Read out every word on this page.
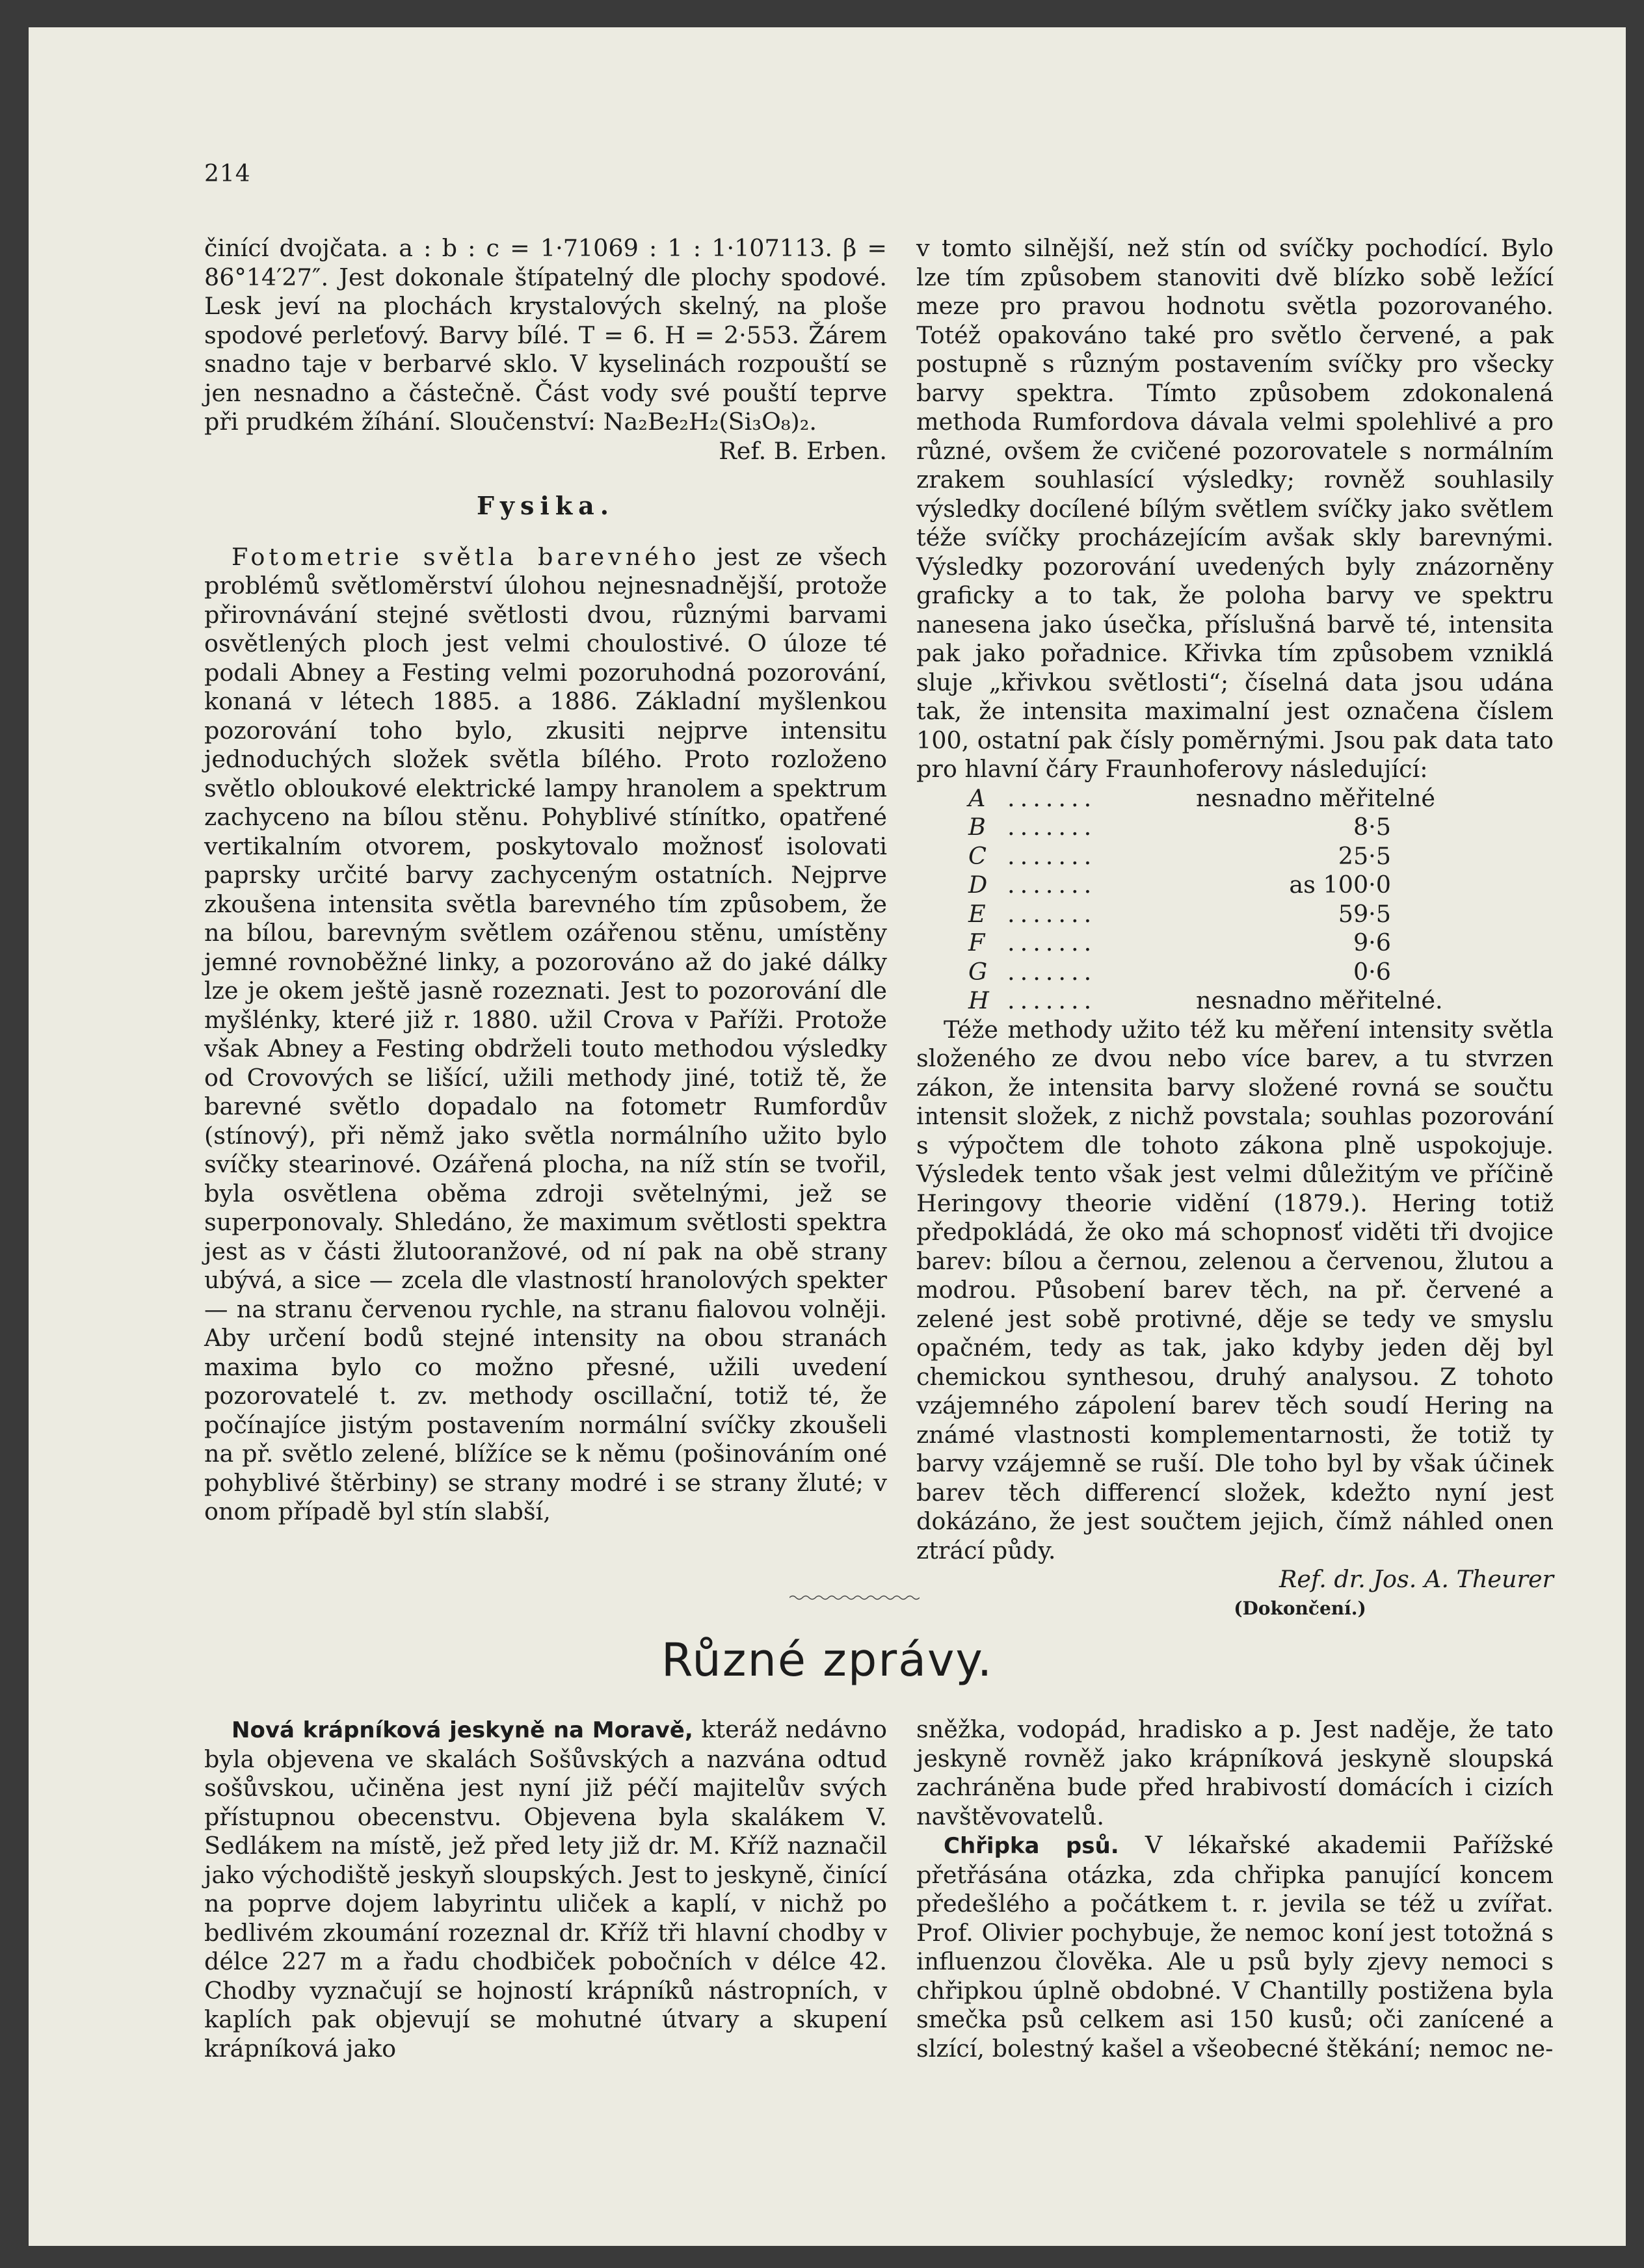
214

činící dvojčata. a : b : c = 1·71069 : 1 : 1·107113. β = 86°14′27″. Jest dokonale štípatelný dle plochy spodové. Lesk jeví na plochách krystalových skelný, na ploše spodové perleťový. Barvy bílé. T = 6. H = 2·553. Žárem snadno taje v berbarvé sklo. V kyselinách rozpouští se jen nesnadno a částečně. Část vody své pouští teprve při prudkém žíhání. Sloučenství: Na₂Be₂H₂(Si₃O₈)₂.

Ref. B. Erben.

Fysika.

Fotometrie světla barevného jest ze všech problémů světloměrství úlohou nejnesnadnější, protože přirovnávání stejné světlosti dvou, různými barvami osvětlených ploch jest velmi choulostivé. O úloze té podali Abney a Festing velmi pozoruhodná pozorování, konaná v létech 1885. a 1886. Základní myšlenkou pozorování toho bylo, zkusiti nejprve intensitu jednoduchých složek světla bílého. Proto rozloženo světlo obloukové elektrické lampy hranolem a spektrum zachyceno na bílou stěnu. Pohyblivé stínítko, opatřené vertikalním otvorem, poskytovalo možnosť isolovati paprsky určité barvy zachyceným ostatních. Nejprve zkoušena intensita světla barevného tím způsobem, že na bílou, barevným světlem ozářenou stěnu, umístěny jemné rovnoběžné linky, a pozorováno až do jaké dálky lze je okem ještě jasně rozeznati. Jest to pozorování dle myšlénky, které již r. 1880. užil Crova v Paříži. Protože však Abney a Festing obdrželi touto methodou výsledky od Crovových se lišící, užili methody jiné, totiž tě, že barevné světlo dopadalo na fotometr Rumfordův (stínový), při němž jako světla normálního užito bylo svíčky stearinové. Ozářená plocha, na níž stín se tvořil, byla osvětlena oběma zdroji světelnými, jež se superponovaly. Shledáno, že maximum světlosti spektra jest as v části žlutooranžové, od ní pak na obě strany ubývá, a sice — zcela dle vlastností hranolových spekter — na stranu červenou rychle, na stranu fialovou volněji. Aby určení bodů stejné intensity na obou stranách maxima bylo co možno přesné, užili uvedení pozorovatelé t. zv. methody oscillační, totiž té, že počínajíce jistým postavením normální svíčky zkoušeli na př. světlo zelené, blížíce se k němu (pošinováním oné pohyblivé štěrbiny) se strany modré i se strany žluté; v onom případě byl stín slabší,

v tomto silnější, než stín od svíčky pochodící. Bylo lze tím způsobem stanoviti dvě blízko sobě ležící meze pro pravou hodnotu světla pozorovaného. Totéž opakováno také pro světlo červené, a pak postupně s různým postavením svíčky pro všecky barvy spektra. Tímto způsobem zdokonalená methoda Rumfordova dávala velmi spolehlivé a pro různé, ovšem že cvičené pozorovatele s normálním zrakem souhlasící výsledky; rovněž souhlasily výsledky docílené bílým světlem svíčky jako světlem téže svíčky procházejícím avšak skly barevnými. Výsledky pozorování uvedených byly znázorněny graficky a to tak, že poloha barvy ve spektru nanesena jako úsečka, příslušná barvě té, intensita pak jako pořadnice. Křivka tím způsobem vzniklá sluje „křivkou světlosti“; číselná data jsou udána tak, že intensita maximalní jest označena číslem 100, ostatní pak čísly poměrnými. Jsou pak data tato pro hlavní čáry Fraunhoferovy následující:

A .......	nesnadno měřitelné
B .......	8·5
C .......	25·5
D .......	as 100·0
E .......	59·5
F .......	9·6
G .......	0·6
H .......	nesnadno měřitelné.

Téže methody užito též ku měření intensity světla složeného ze dvou nebo více barev, a tu stvrzen zákon, že intensita barvy složené rovná se součtu intensit složek, z nichž povstala; souhlas pozorování s výpočtem dle tohoto zákona plně uspokojuje. Výsledek tento však jest velmi důležitým ve příčině Heringovy theorie vidění (1879.). Hering totiž předpokládá, že oko má schopnosť viděti tři dvojice barev: bílou a černou, zelenou a červenou, žlutou a modrou. Působení barev těch, na př. červené a zelené jest sobě protivné, děje se tedy ve smyslu opačném, tedy as tak, jako kdyby jeden děj byl chemickou synthesou, druhý analysou. Z tohoto vzájemného zápolení barev těch soudí Hering na známé vlastnosti komplementarnosti, že totiž ty barvy vzájemně se ruší. Dle toho byl by však účinek barev těch differencí složek, kdežto nyní jest dokázáno, že jest součtem jejich, čímž náhled onen ztrácí půdy.

Ref. dr. Jos. A. Theurer

(Dokončení.)

Různé zprávy.

Nová krápníková jeskyně na Moravě, kteráž nedávno byla objevena ve skalách Sošůvských a nazvána odtud sošůvskou, učiněna jest nyní již péčí majitelův svých přístupnou obecenstvu. Objevena byla skalákem V. Sedlákem na místě, jež před lety již dr. M. Kříž naznačil jako východiště jeskyň sloupských. Jest to jeskyně, činící na poprve dojem labyrintu uliček a kaplí, v nichž po bedlivém zkoumání rozeznal dr. Kříž tři hlavní chodby v délce 227 m a řadu chodbiček pobočních v délce 42. Chodby vyznačují se hojností krápníků nástropních, v kaplích pak objevují se mohutné útvary a skupení krápníková jako

sněžka, vodopád, hradisko a p. Jest naděje, že tato jeskyně rovněž jako krápníková jeskyně sloupská zachráněna bude před hrabivostí domácích i cizích navštěvovatelů.

Chřipka psů. V lékařské akademii Pařížské přetřásána otázka, zda chřipka panující koncem předešlého a počátkem t. r. jevila se též u zvířat. Prof. Olivier pochybuje, že nemoc koní jest totožná s influenzou člověka. Ale u psů byly zjevy nemoci s chřipkou úplně obdobné. V Chantilly postižena byla smečka psů celkem asi 150 kusů; oči zanícené a slzící, bolestný kašel a všeobecné štěkání; nemoc ne-
